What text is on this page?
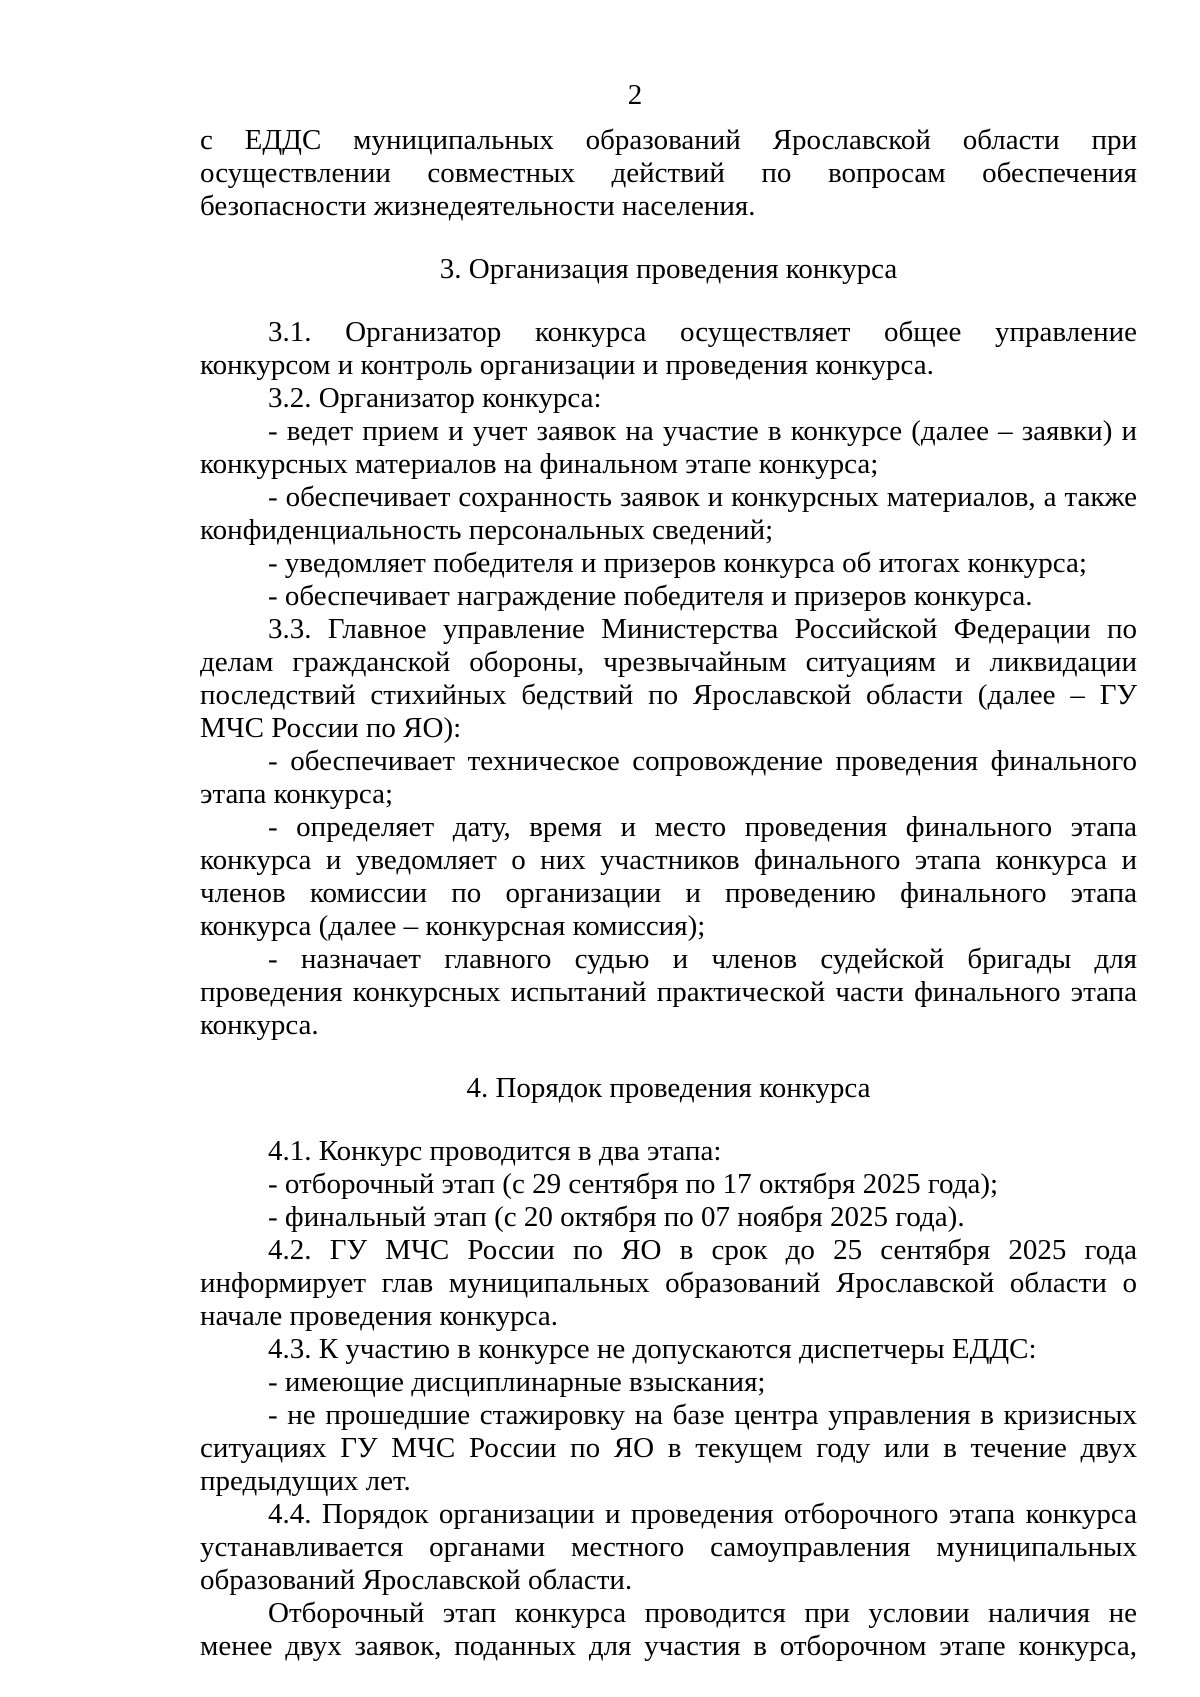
2

с ЕДДС муниципальных образований Ярославской области при осуществлении совместных действий по вопросам обеспечения безопасности жизнедеятельности населения.

3. Организация проведения конкурса

3.1. Организатор конкурса осуществляет общее управление конкурсом и контроль организации и проведения конкурса.

3.2. Организатор конкурса:

- ведет прием и учет заявок на участие в конкурсе (далее – заявки) и конкурсных материалов на финальном этапе конкурса;

- обеспечивает сохранность заявок и конкурсных материалов, а также конфиденциальность персональных сведений;

- уведомляет победителя и призеров конкурса об итогах конкурса;

- обеспечивает награждение победителя и призеров конкурса.

3.3. Главное управление Министерства Российской Федерации по делам гражданской обороны, чрезвычайным ситуациям и ликвидации последствий стихийных бедствий по Ярославской области (далее – ГУ МЧС России по ЯО):

- обеспечивает техническое сопровождение проведения финального этапа конкурса;

- определяет дату, время и место проведения финального этапа конкурса и уведомляет о них участников финального этапа конкурса и членов комиссии по организации и проведению финального этапа конкурса (далее – конкурсная комиссия);

- назначает главного судью и членов судейской бригады для проведения конкурсных испытаний практической части финального этапа конкурса.

4. Порядок проведения конкурса

4.1. Конкурс проводится в два этапа:

- отборочный этап (с 29 сентября по 17 октября 2025 года);

- финальный этап (с 20 октября по 07 ноября 2025 года).

4.2. ГУ МЧС России по ЯО в срок до 25 сентября 2025 года информирует глав муниципальных образований Ярославской области о начале проведения конкурса.

4.3. К участию в конкурсе не допускаются диспетчеры ЕДДС:

- имеющие дисциплинарные взыскания;

- не прошедшие стажировку на базе центра управления в кризисных ситуациях ГУ МЧС России по ЯО в текущем году или в течение двух предыдущих лет.

4.4. Порядок организации и проведения отборочного этапа конкурса устанавливается органами местного самоуправления муниципальных образований Ярославской области.

Отборочный этап конкурса проводится при условии наличия не менее двух заявок, поданных для участия в отборочном этапе конкурса,
